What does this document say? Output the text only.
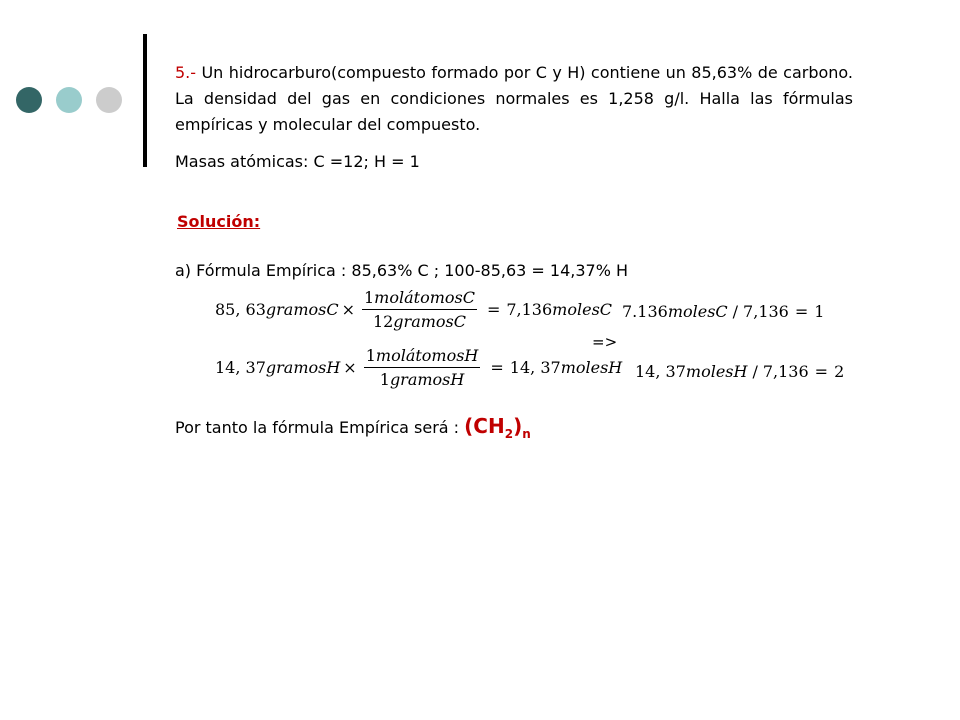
5.- Un hidrocarburo(compuesto formado por C y H) contiene un 85,63% de carbono. La densidad del gas en condiciones normales es 1,258 g/l. Halla las fórmulas empíricas y molecular del compuesto.
Masas atómicas: C =12; H = 1
Solución:
a) Fórmula Empírica : 85,63% C ; 100-85,63 = 14,37% H
85, 63 gramosC × $\frac{\text{1molátomosC}}{\text{12gramosC}} = 7,136$ molesC
14, 37 gramosH × $\frac{\text{1molátomosH}}{\text{1gramosH}} = 14$, 37 molesH
=>
7.136 molesC / 7,136 = 1
14, 37 molesH / 7,136 = 2
Por tanto la fórmula Empírica será : $(CH_2)_n$
